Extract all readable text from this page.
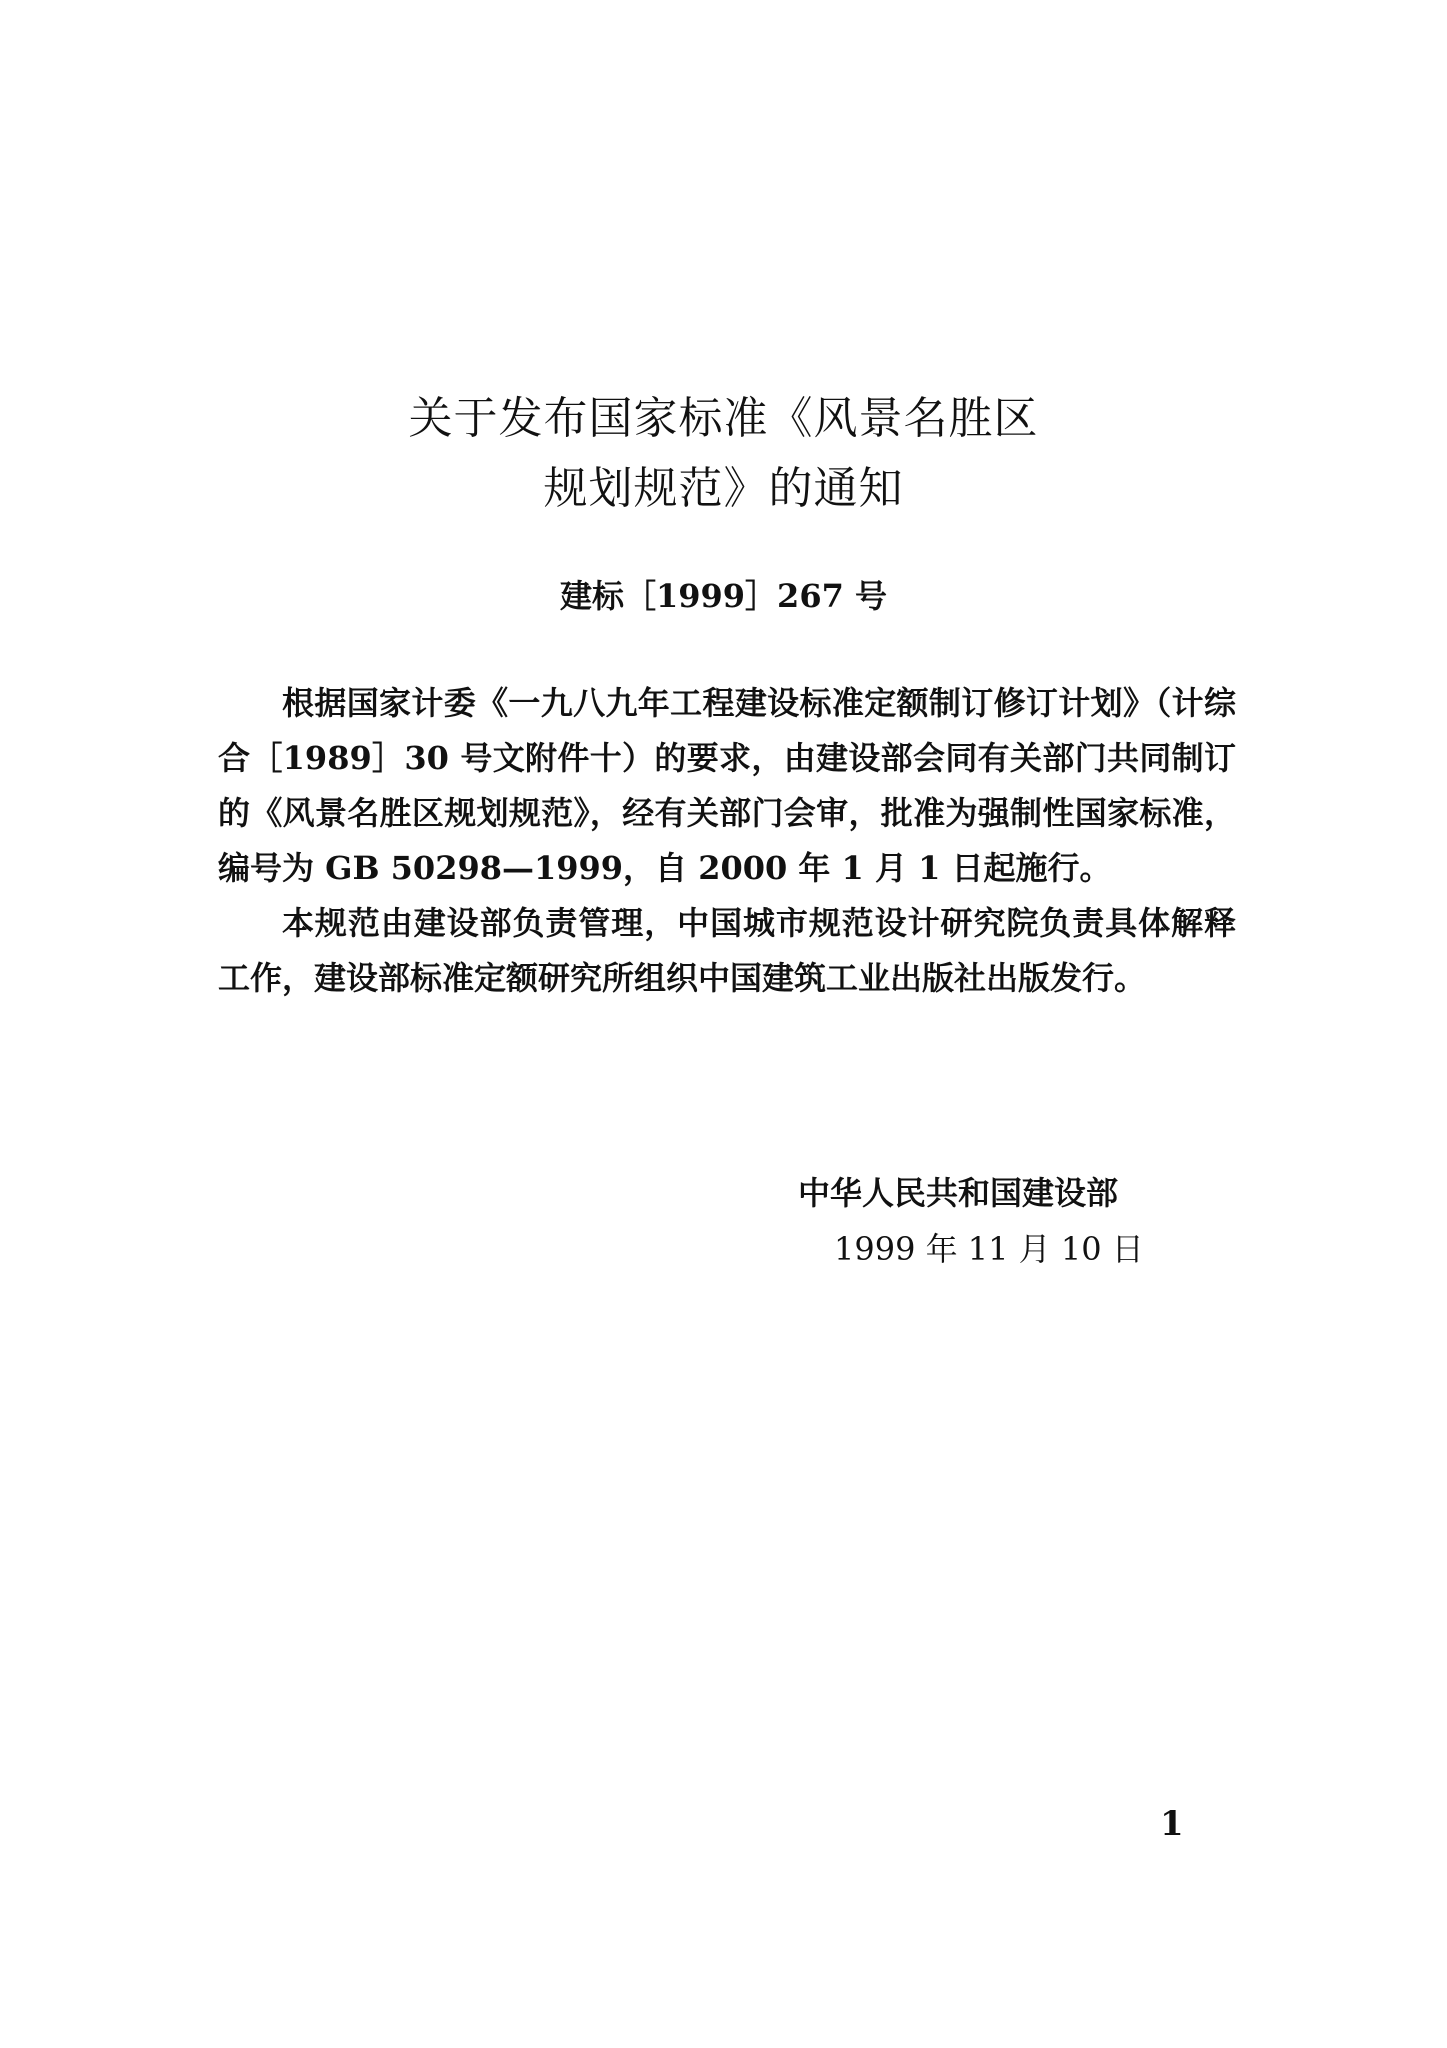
关于发布国家标准《风景名胜区
规划规范》的通知
建标［1999］267 号

根据国家计委《一九八九年工程建设标准定额制订修订计划》（计综合［1989］30 号文附件十）的要求，由建设部会同有关部门共同制订的《风景名胜区规划规范》，经有关部门会审，批准为强制性国家标准，编号为 GB 50298—1999，自 2000 年 1 月 1 日起施行。

本规范由建设部负责管理，中国城市规范设计研究院负责具体解释工作，建设部标准定额研究所组织中国建筑工业出版社出版发行。

中华人民共和国建设部
1999 年 11 月 10 日
1
